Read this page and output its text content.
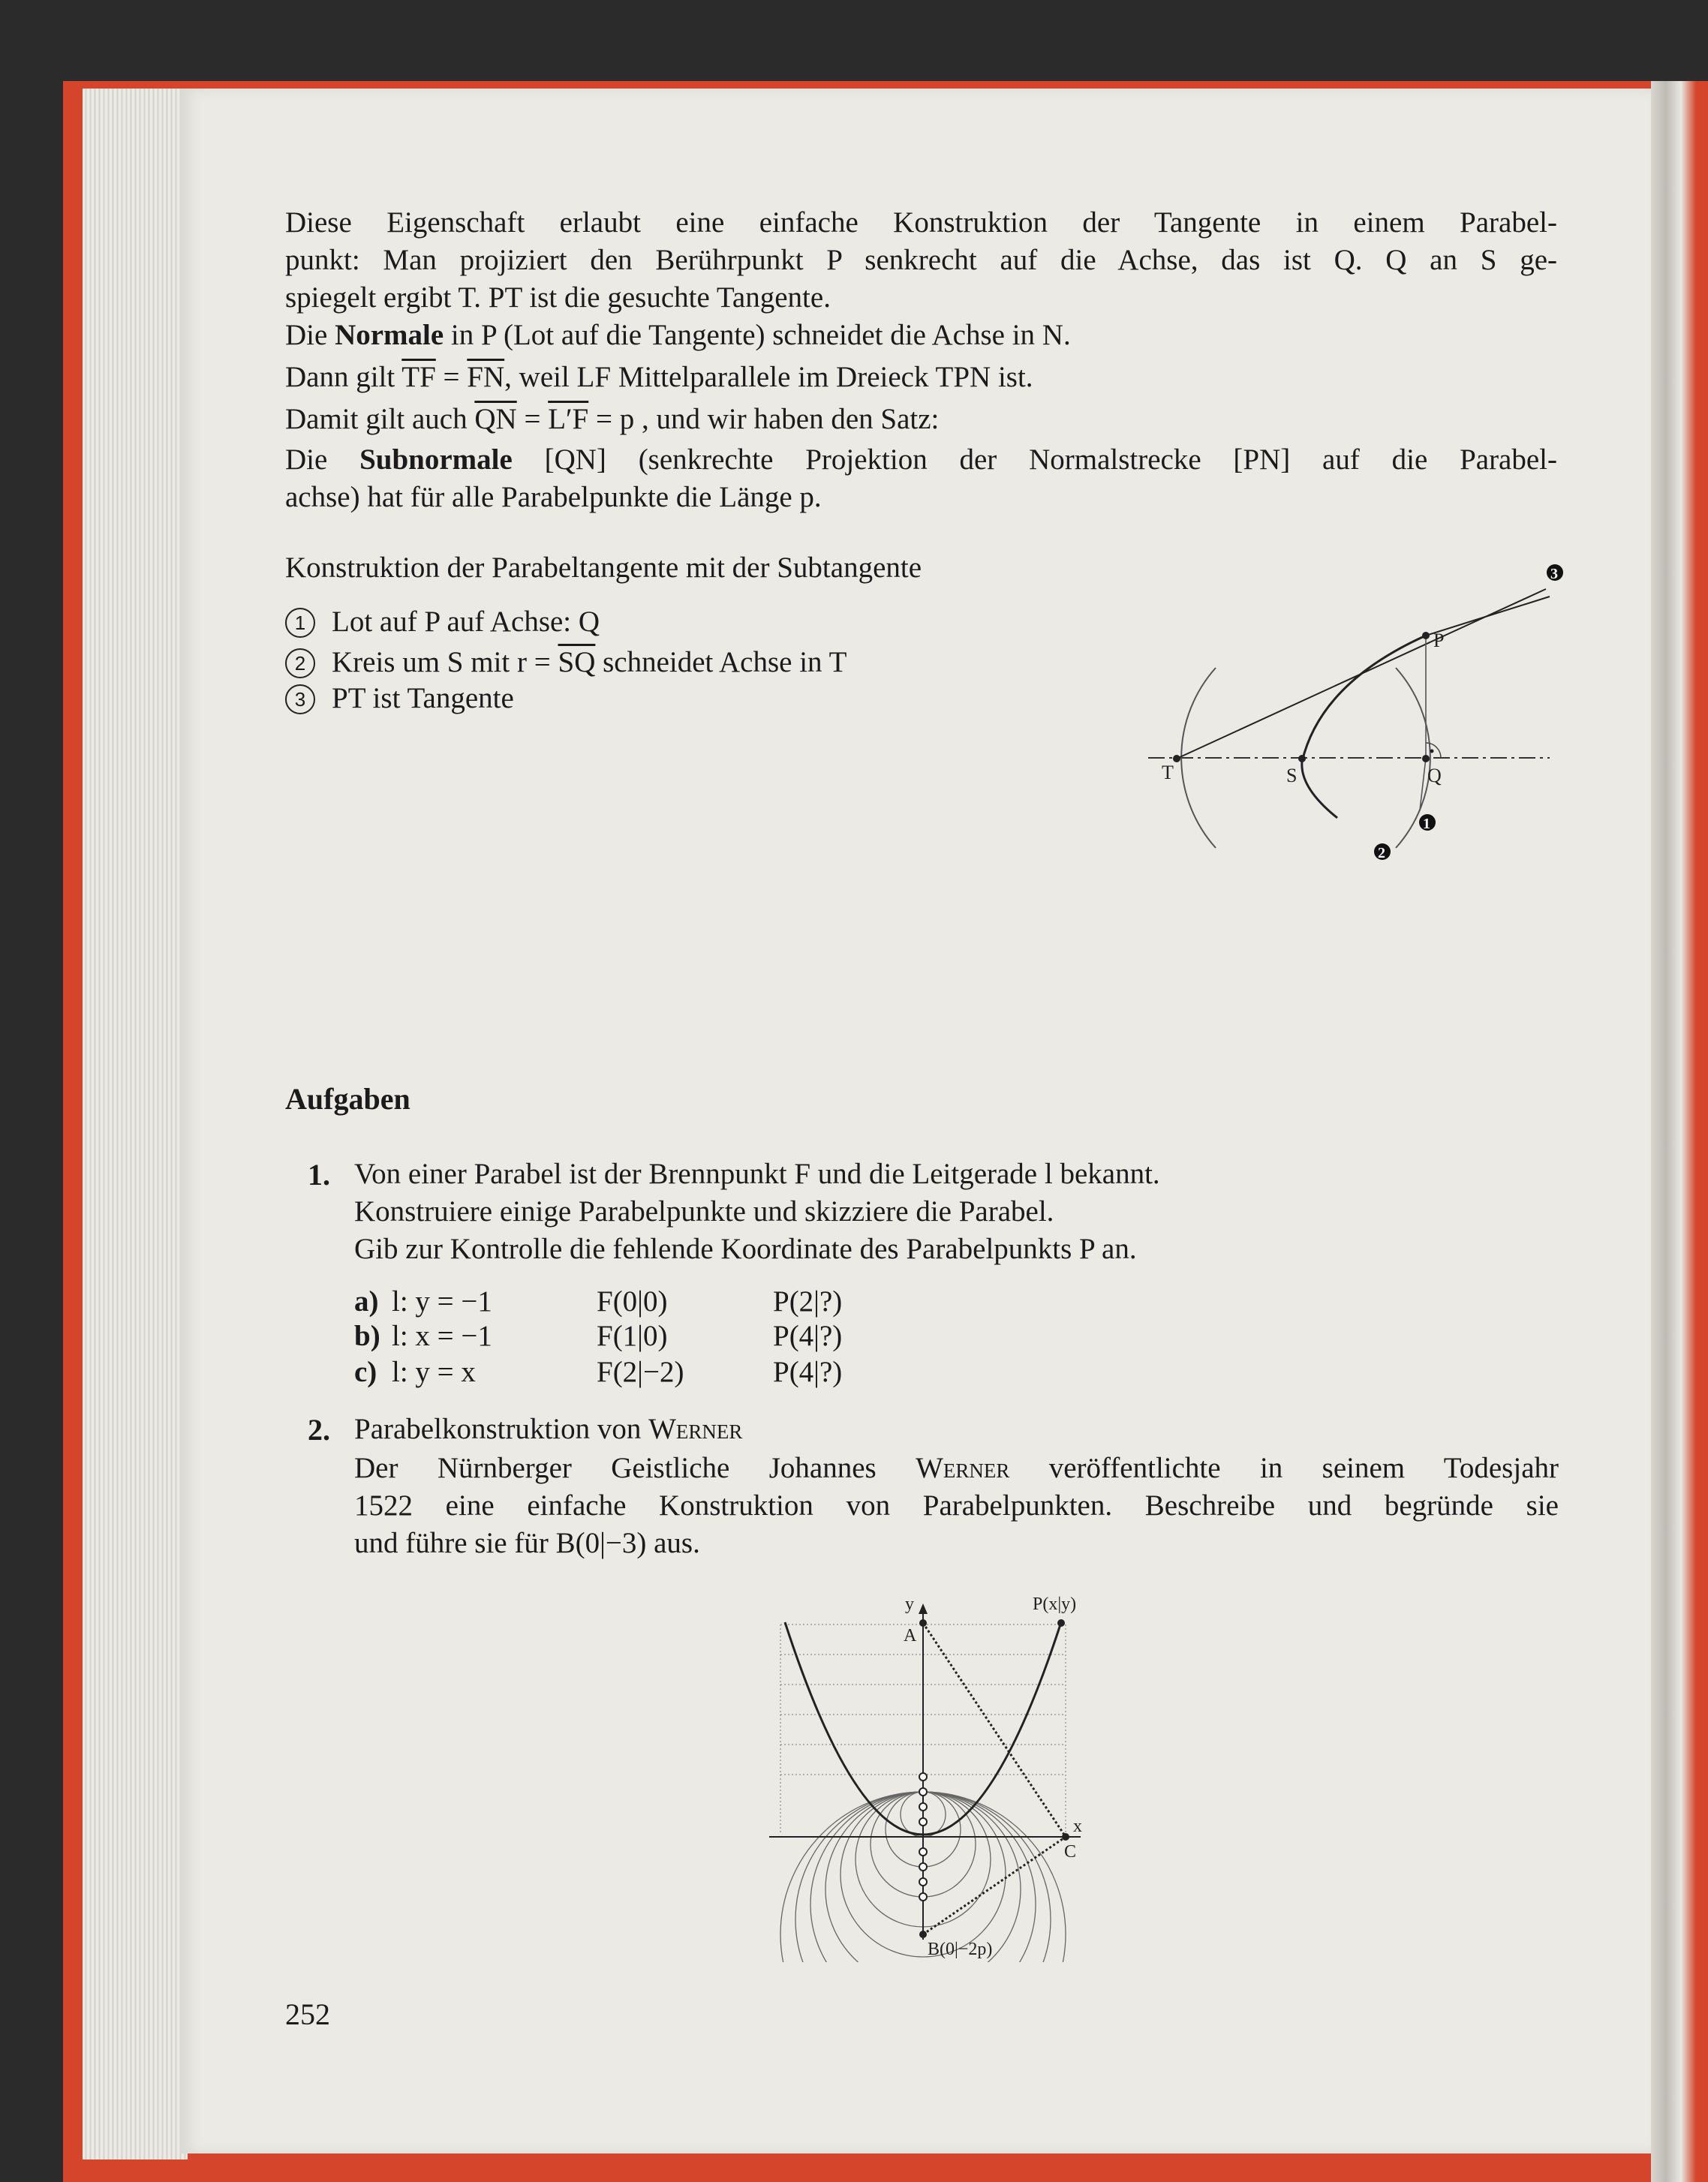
Diese Eigenschaft erlaubt eine einfache Konstruktion der Tangente in einem Parabel-
punkt: Man projiziert den Berührpunkt P senkrecht auf die Achse, das ist Q. Q an S ge-
spiegelt ergibt T. PT ist die gesuchte Tangente.
Die Normale in P (Lot auf die Tangente) schneidet die Achse in N.
Dann gilt $\overline{TF} = \overline{FN}$, weil LF Mittelparallele im Dreieck TPN ist.
Damit gilt auch $\overline{QN} = L'F = p$ , und wir haben den Satz:
Die Subnormale [QN] (senkrechte Projektion der Normalstrecke [PN] auf die Parabel-
achse) hat für alle Parabelpunkte die Länge p.
Konstruktion der Parabeltangente mit der Subtangente
1 Lot auf P auf Achse: Q
2 Kreis um S mit $r = \overline{SQ}$ schneidet Achse in T
3 PT ist Tangente
T	S	Q
P
1
2
3
Aufgaben
1. Von einer Parabel ist der Brennpunkt F und die Leitgerade l bekannt.
Konstruiere einige Parabelpunkte und skizziere die Parabel.
Gib zur Kontrolle die fehlende Koordinate des Parabelpunkts P an.
a) l: y = −1	F(0|0)	P(2|?)
b) l: x = −1	F(1|0)	P(4|?)
c) l: y = x	F(2|−2)	P(4|?)
2. Parabelkonstruktion von Werner
Der Nürnberger Geistliche Johannes Werner veröffentlichte in seinem Todesjahr
1522 eine einfache Konstruktion von Parabelpunkten. Beschreibe und begründe sie
und führe sie für B(0|−3) aus.
y
A
P(x|y)
x
C
B(0|−2p)
252
